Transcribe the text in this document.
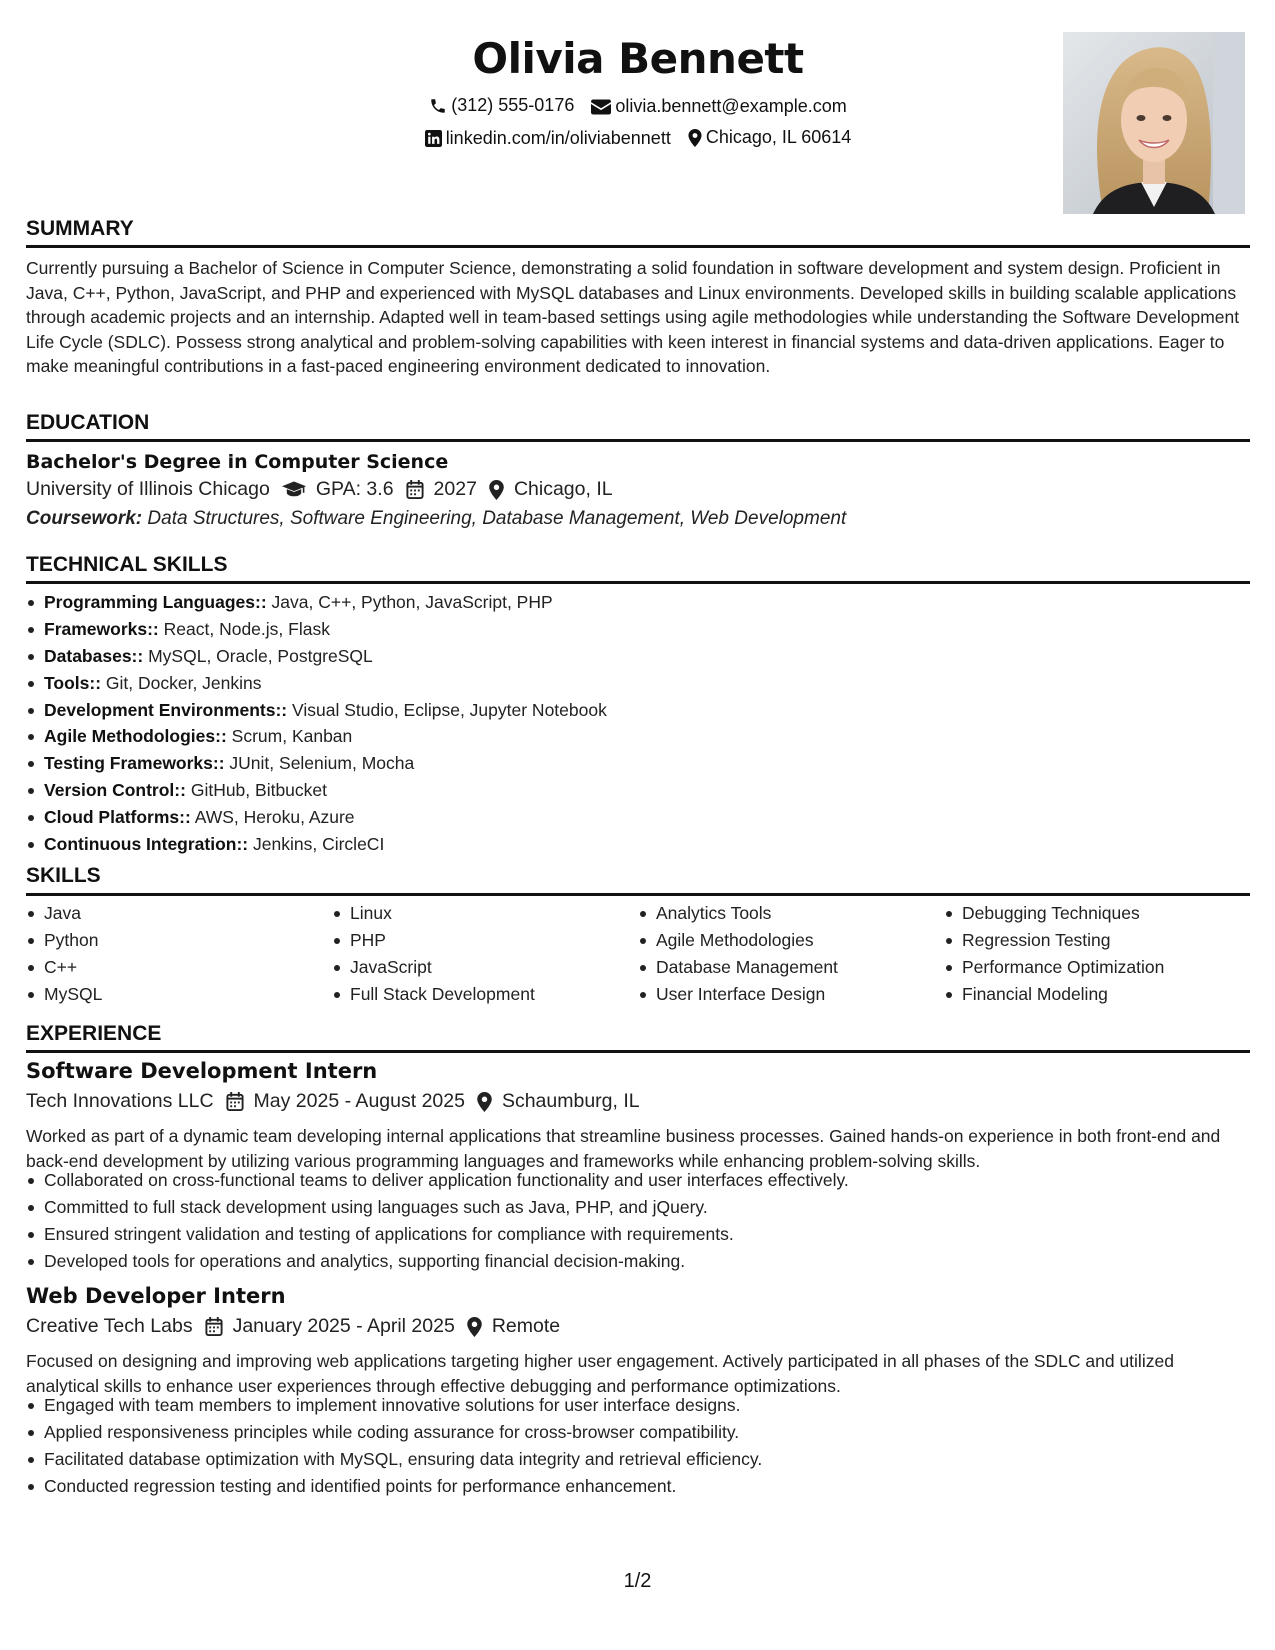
Olivia Bennett
(312) 555-0176
olivia.bennett@example.com
linkedin.com/in/oliviabennett
Chicago, IL 60614
SUMMARY
Currently pursuing a Bachelor of Science in Computer Science, demonstrating a solid foundation in software development and system design. Proficient in Java, C++, Python, JavaScript, and PHP and experienced with MySQL databases and Linux environments. Developed skills in building scalable applications through academic projects and an internship. Adapted well in team-based settings using agile methodologies while understanding the Software Development Life Cycle (SDLC). Possess strong analytical and problem-solving capabilities with keen interest in financial systems and data-driven applications. Eager to make meaningful contributions in a fast-paced engineering environment dedicated to innovation.
EDUCATION
Bachelor's Degree in Computer Science
University of Illinois Chicago GPA: 3.6 2027 Chicago, IL
Coursework: Data Structures, Software Engineering, Database Management, Web Development
TECHNICAL SKILLS
Programming Languages:: Java, C++, Python, JavaScript, PHP
Frameworks:: React, Node.js, Flask
Databases:: MySQL, Oracle, PostgreSQL
Tools:: Git, Docker, Jenkins
Development Environments:: Visual Studio, Eclipse, Jupyter Notebook
Agile Methodologies:: Scrum, Kanban
Testing Frameworks:: JUnit, Selenium, Mocha
Version Control:: GitHub, Bitbucket
Cloud Platforms:: AWS, Heroku, Azure
Continuous Integration:: Jenkins, CircleCI
SKILLS
Java
Python
C++
MySQL
Linux
PHP
JavaScript
Full Stack Development
Analytics Tools
Agile Methodologies
Database Management
User Interface Design
Debugging Techniques
Regression Testing
Performance Optimization
Financial Modeling
EXPERIENCE
Software Development Intern
Tech Innovations LLC May 2025 - August 2025 Schaumburg, IL
Worked as part of a dynamic team developing internal applications that streamline business processes. Gained hands-on experience in both front-end and back-end development by utilizing various programming languages and frameworks while enhancing problem-solving skills.
Collaborated on cross-functional teams to deliver application functionality and user interfaces effectively.
Committed to full stack development using languages such as Java, PHP, and jQuery.
Ensured stringent validation and testing of applications for compliance with requirements.
Developed tools for operations and analytics, supporting financial decision-making.
Web Developer Intern
Creative Tech Labs January 2025 - April 2025 Remote
Focused on designing and improving web applications targeting higher user engagement. Actively participated in all phases of the SDLC and utilized analytical skills to enhance user experiences through effective debugging and performance optimizations.
Engaged with team members to implement innovative solutions for user interface designs.
Applied responsiveness principles while coding assurance for cross-browser compatibility.
Facilitated database optimization with MySQL, ensuring data integrity and retrieval efficiency.
Conducted regression testing and identified points for performance enhancement.
1/2
